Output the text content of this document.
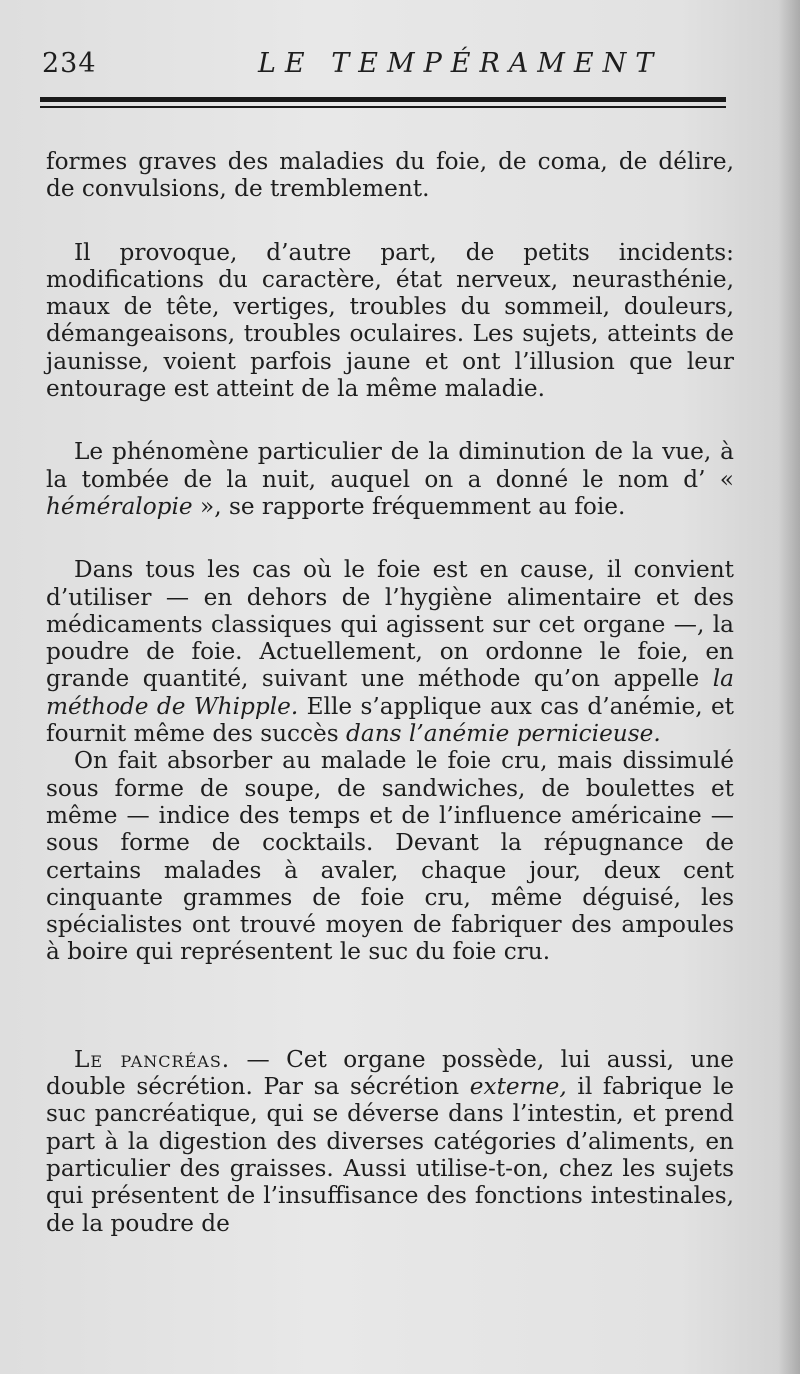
234	LE TEMPÉRAMENT

formes graves des maladies du foie, de coma, de délire, de convulsions, de tremblement.

Il provoque, d’autre part, de petits incidents: modifications du caractère, état nerveux, neurasthénie, maux de tête, vertiges, troubles du sommeil, douleurs, démangeaisons, troubles oculaires. Les sujets, atteints de jaunisse, voient parfois jaune et ont l’illusion que leur entourage est atteint de la même maladie.

Le phénomène particulier de la diminution de la vue, à la tombée de la nuit, auquel on a donné le nom d’ « héméralopie », se rapporte fréquemment au foie.

Dans tous les cas où le foie est en cause, il convient d’utiliser — en dehors de l’hygiène alimentaire et des médicaments classiques qui agissent sur cet organe —, la poudre de foie. Actuellement, on ordonne le foie, en grande quantité, suivant une méthode qu’on appelle la méthode de Whipple. Elle s’applique aux cas d’anémie, et fournit même des succès dans l’anémie pernicieuse.

On fait absorber au malade le foie cru, mais dissimulé sous forme de soupe, de sandwiches, de boulettes et même — indice des temps et de l’influence américaine — sous forme de cocktails. Devant la répugnance de certains malades à avaler, chaque jour, deux cent cinquante grammes de foie cru, même déguisé, les spécialistes ont trouvé moyen de fabriquer des ampoules à boire qui représentent le suc du foie cru.

Le pancréas. — Cet organe possède, lui aussi, une double sécrétion. Par sa sécrétion externe, il fabrique le suc pancréatique, qui se déverse dans l’intestin, et prend part à la digestion des diverses catégories d’aliments, en particulier des graisses. Aussi utilise-t-on, chez les sujets qui présentent de l’insuffisance des fonctions intestinales, de la poudre de
